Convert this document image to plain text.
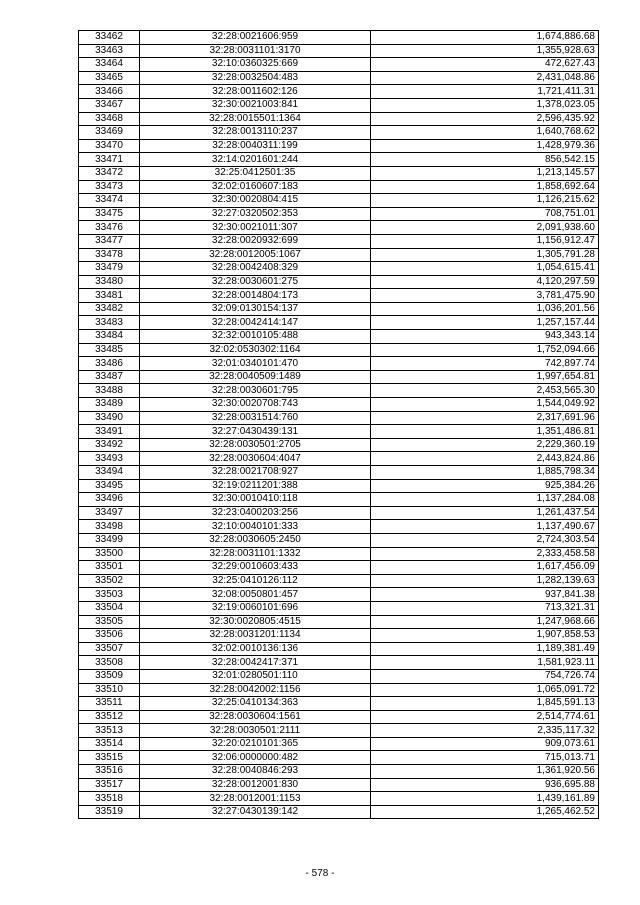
33462	32:28:0021606:959	1,674,886.68
33463	32:28:0031101:3170	1,355,928.63
33464	32:10:0360325:669	472,627.43
33465	32:28:0032504:483	2,431,048.86
33466	32:28:0011602:126	1,721,411.31
33467	32:30:0021003:841	1,378,023.05
33468	32:28:0015501:1364	2,596,435.92
33469	32:28:0013110:237	1,640,768.62
33470	32:28:0040311:199	1,428,979.36
33471	32:14:0201601:244	856,542.15
33472	32:25:0412501:35	1,213,145.57
33473	32:02:0160607:183	1,858,692.64
33474	32:30:0020804:415	1,126,215.62
33475	32:27:0320502:353	708,751.01
33476	32:30:0021011:307	2,091,938.60
33477	32:28:0020932:699	1,156,912.47
33478	32:28:0012005:1067	1,305,791.28
33479	32:28:0042408:329	1,054,615.41
33480	32:28:0030601:275	4,120,297.59
33481	32:28:0014804:173	3,781,475.90
33482	32:09:0130154:137	1,036,201.56
33483	32:28:0042414:147	1,257,157.44
33484	32:32:0010105:488	943,343.14
33485	32:02:0530302:1164	1,752,094.66
33486	32:01:0340101:470	742,897.74
33487	32:28:0040509:1489	1,997,654.81
33488	32:28:0030601:795	2,453,565.30
33489	32:30:0020708:743	1,544,049.92
33490	32:28:0031514:760	2,317,691.96
33491	32:27:0430439:131	1,351,486.81
33492	32:28:0030501:2705	2,229,360.19
33493	32:28:0030604:4047	2,443,824.86
33494	32:28:0021708:927	1,885,798.34
33495	32:19:0211201:388	925,384.26
33496	32:30:0010410:118	1,137,284.08
33497	32:23:0400203:256	1,261,437.54
33498	32:10:0040101:333	1,137,490.67
33499	32:28:0030605:2450	2,724,303.54
33500	32:28:0031101:1332	2,333,458.58
33501	32:29:0010603:433	1,617,456.09
33502	32:25:0410126:112	1,282,139.63
33503	32:08:0050801:457	937,841.38
33504	32:19:0060101:696	713,321.31
33505	32:30:0020805:4515	1,247,968.66
33506	32:28:0031201:1134	1,907,858.53
33507	32:02:0010136:136	1,189,381.49
33508	32:28:0042417:371	1,581,923.11
33509	32:01:0280501:110	754,726.74
33510	32:28:0042002:1156	1,065,091.72
33511	32:25:0410134:363	1,845,591.13
33512	32:28:0030604:1561	2,514,774.61
33513	32:28:0030501:2111	2,335,117.32
33514	32:20:0210101:365	909,073.61
33515	32:06:0000000:482	715,013.71
33516	32:28:0040846:293	1,361,920.56
33517	32:28:0012001:830	936,695.88
33518	32:28:0012001:1153	1,439,161.89
33519	32:27:0430139:142	1,265,462.52
- 578 -
